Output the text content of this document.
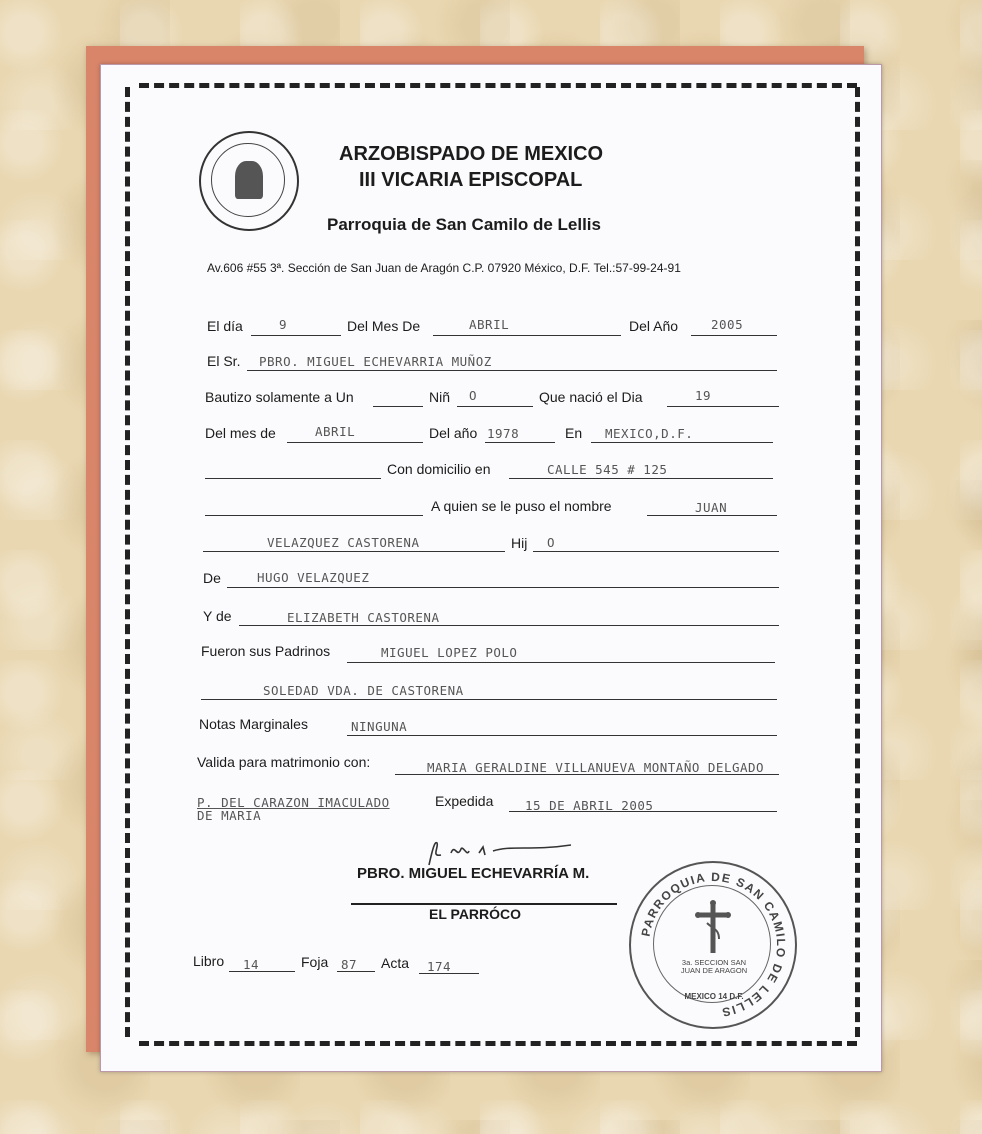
ARZOBISPADO DE MEXICO
III VICARIA EPISCOPAL
Parroquia de San Camilo de Lellis
Av.606 #55 3ª. Sección de San Juan de Aragón C.P. 07920 México, D.F. Tel.:57-99-24-91
El día	9	Del Mes De	ABRIL	Del Año	2005
El Sr. PBRO. MIGUEL ECHEVARRIA MUÑOZ
Bautizo solamente a Un	Niñ O	Que nació el Dia	19
Del mes de	ABRIL	Del año 1978	En MEXICO,D.F.
Con domicilio en	CALLE 545 # 125
A quien se le puso el nombre	JUAN
VELAZQUEZ CASTORENA	Hij O
De	HUGO VELAZQUEZ
Y de	ELIZABETH CASTORENA
Fueron sus Padrinos	MIGUEL LOPEZ POLO
SOLEDAD VDA. DE CASTORENA
Notas Marginales	NINGUNA
Valida para matrimonio con:	MARIA GERALDINE VILLANUEVA MONTAÑO DELGADO
P. DEL CARAZON IMACULADO
DE MARIA
Expedida	15 DE ABRIL 2005
PBRO. MIGUEL ECHEVARRÍA M.
EL PARRÓCO
Libro 14	Foja 87 Acta 174
PARROQUIA DE SAN CAMILO DE LELLIS
3a. SECCION SAN JUAN DE ARAGON
MEXICO 14 D.F.
